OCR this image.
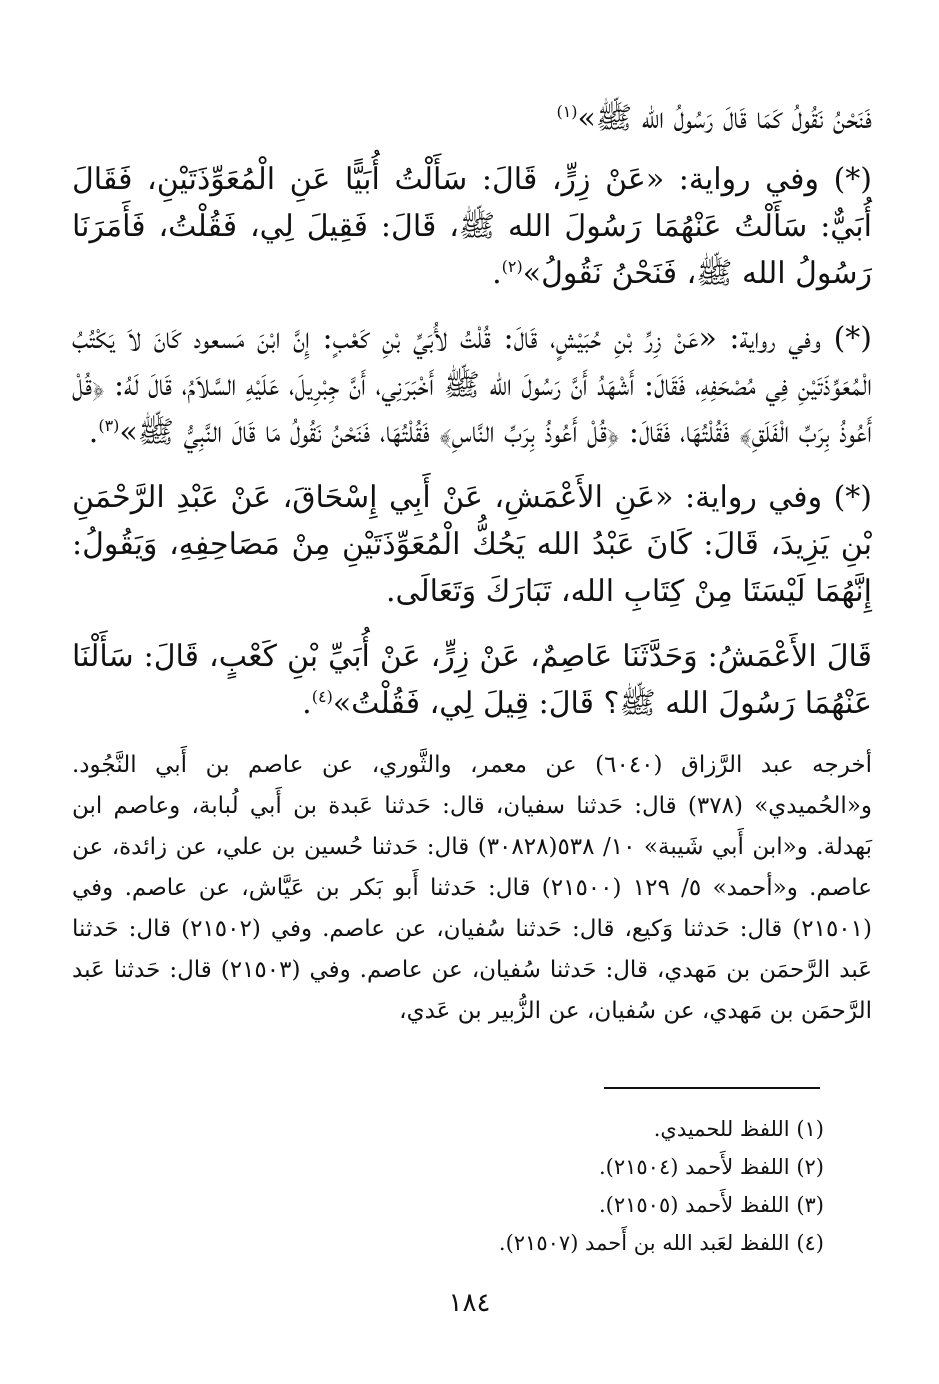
فَنَحْنُ نَقُولُ كَمَا قَالَ رَسُولُ الله ﷺ»$^{(١)}$

(*) وفي رواية: «عَنْ زِرٍّ، قَالَ: سَأَلْتُ أُبَيًّا عَنِ الْمُعَوِّذَتَيْنِ، فَقَالَ أُبَيٌّ: سَأَلْتُ عَنْهُمَا رَسُولَ الله ﷺ، قَالَ: فَقِيلَ لِي، فَقُلْتُ، فَأَمَرَنَا رَسُولُ الله ﷺ، فَنَحْنُ نَقُولُ»$^{(٢)}$.

(*) وفي رواية: «عَنْ زِرِّ بْنِ حُبَيْشٍ، قَالَ: قُلْتُ لأُبَيِّ بْنِ كَعْبٍ: إِنَّ ابْنَ مَسعود كَانَ لاَ يَكْتُبُ الْمُعَوِّذَتَيْنِ فِي مُصْحَفِهِ، فَقَالَ: أَشْهَدُ أَنَّ رَسُولَ الله ﷺ أَخْبَرَنِي، أَنَّ جِبْرِيلَ، عَلَيْهِ السَّلاَمُ، قَالَ لَهُ: ﴿قُلْ أَعُوذُ بِرَبِّ الْفَلَقِ﴾ فَقُلْتُهَا، فَقَالَ: ﴿قُلْ أَعُوذُ بِرَبِّ النَّاسِ﴾ فَقُلْتُهَا، فَنَحْنُ نَقُولُ مَا قَالَ النَّبِيُّ ﷺ»$^{(٣)}$.

(*) وفي رواية: «عَنِ الأَعْمَشِ، عَنْ أَبِي إِسْحَاقَ، عَنْ عَبْدِ الرَّحْمَنِ بْنِ يَزِيدَ، قَالَ: كَانَ عَبْدُ الله يَحُكُّ الْمُعَوِّذَتَيْنِ مِنْ مَصَاحِفِهِ، وَيَقُولُ: إِنَّهُمَا لَيْسَتَا مِنْ كِتَابِ الله، تَبَارَكَ وَتَعَالَى.

قَالَ الأَعْمَشُ: وَحَدَّثَنَا عَاصِمٌ، عَنْ زِرٍّ، عَنْ أُبَيِّ بْنِ كَعْبٍ، قَالَ: سَأَلْنَا عَنْهُمَا رَسُولَ الله ﷺ؟ قَالَ: قِيلَ لِي، فَقُلْتُ»$^{(٤)}$.

أخرجه عبد الرَّزاق (٦٠٤٠) عن معمر، والثَّوري، عن عاصم بن أَبي النَّجُود. و«الحُميدي» (٣٧٨) قال: حَدثنا سفيان، قال: حَدثنا عَبدة بن أَبي لُبابة، وعاصم ابن بَهدلة. و«ابن أَبي شَيبة» ١٠/ ٥٣٨(٣٠٨٢٨) قال: حَدثنا حُسين بن علي، عن زائدة، عن عاصم. و«أحمد» ٥/ ١٢٩ (٢١٥٠٠) قال: حَدثنا أَبو بَكر بن عَيَّاش، عن عاصم. وفي (٢١٥٠١) قال: حَدثنا وَكيع، قال: حَدثنا سُفيان، عن عاصم. وفي (٢١٥٠٢) قال: حَدثنا عَبد الرَّحمَن بن مَهدي، قال: حَدثنا سُفيان، عن عاصم. وفي (٢١٥٠٣) قال: حَدثنا عَبد الرَّحمَن بن مَهدي، عن سُفيان، عن الزُّبير بن عَدي،

(١) اللفظ للحميدي.
(٢) اللفظ لأَحمد (٢١٥٠٤).
(٣) اللفظ لأَحمد (٢١٥٠٥).
(٤) اللفظ لعَبد الله بن أَحمد (٢١٥٠٧).
١٨٤
